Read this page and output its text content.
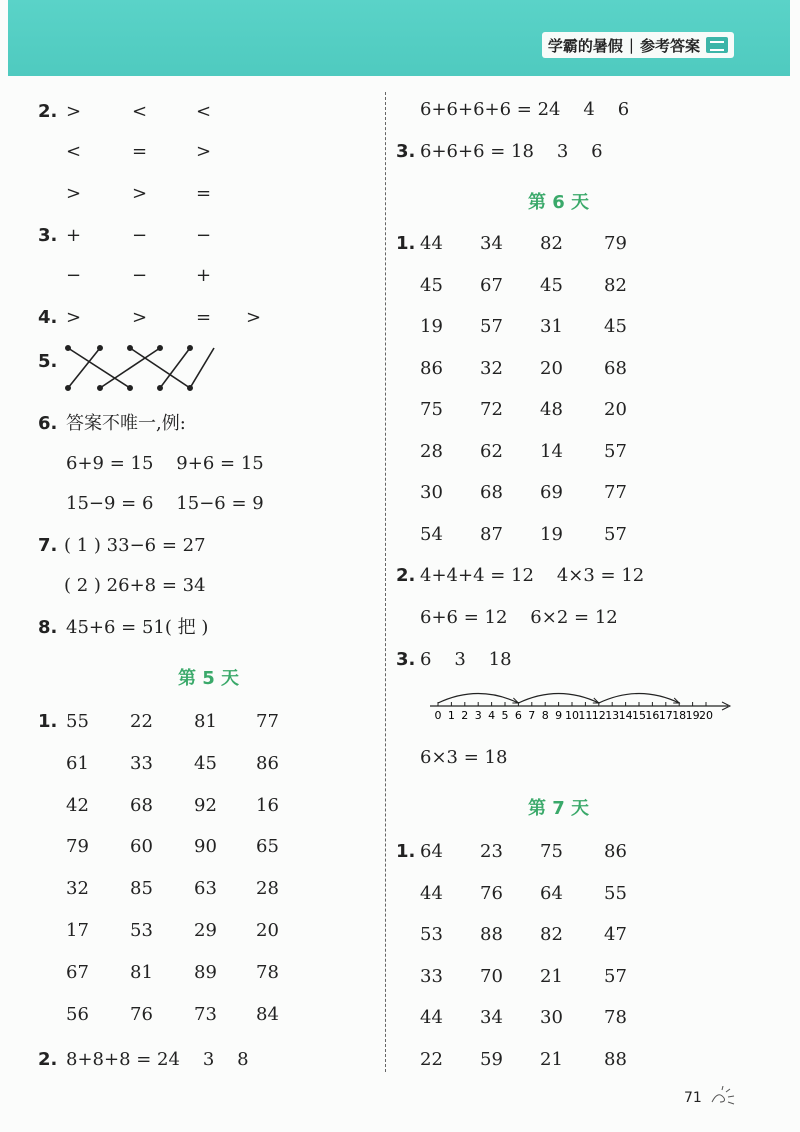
学霸的暑假 | 参考答案
2. >	<	<
<	=	>
>	>	=
3. +	−	−
−	−	+
4. >	>	= >
5.
6. 答案不唯一,例:
6+9 = 15    9+6 = 15
15−9 = 6    15−6 = 9
7. ( 1 ) 33−6 = 27
( 2 ) 26+8 = 34
8. 45+6 = 51( 把 )
第 5 天
1. 55 22 81 77
61 33 45 86
42 68 92 16
79 60 90 65
32 85 63 28
17 53 29 20
67 81 89 78
56 76 73 84
2. 8+8+8 = 24    3    8
6+6+6+6 = 24    4    6
3. 6+6+6 = 18    3    6
第 6 天
1. 44 34 82 79
45 67 45 82
19 57 31 45
86 32 20 68
75 72 48 20
28 62 14 57
30 68 69 77
54 87 19 57
2. 4+4+4 = 12    4×3 = 12
6+6 = 12    6×2 = 12
3. 6    3    18
0 1 2 3 4 5 6 7 8 9 10 11 12 13 14 15 16 17 18 19 20
6×3 = 18
第 7 天
1. 64 23 75 86
44 76 64 55
53 88 82 47
33 70 21 57
44 34 30 78
22 59 21 88
71
